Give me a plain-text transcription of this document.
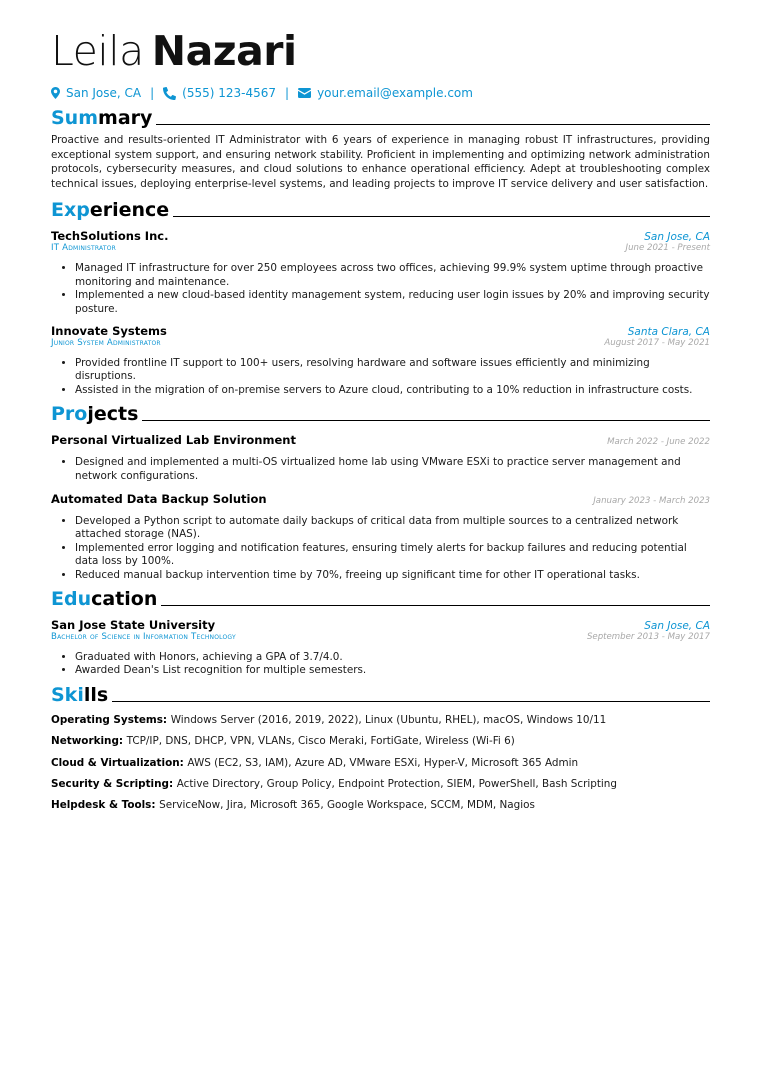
Leila Nazari
San Jose, CA | (555) 123-4567 | your.email@example.com
Summary

Proactive and results-oriented IT Administrator with 6 years of experience in managing robust IT infrastructures, providing exceptional system support, and ensuring network stability. Proficient in implementing and optimizing network administration protocols, cybersecurity measures, and cloud solutions to enhance operational efficiency. Adept at troubleshooting complex technical issues, deploying enterprise-level systems, and leading projects to improve IT service delivery and user satisfaction.

Experience
TechSolutions Inc.	San Jose, CA
IT Administrator	June 2021 - Present
• Managed IT infrastructure for over 250 employees across two offices, achieving 99.9% system uptime through proactive monitoring and maintenance.
• Implemented a new cloud-based identity management system, reducing user login issues by 20% and improving security posture.
Innovate Systems	Santa Clara, CA
Junior System Administrator	August 2017 - May 2021
• Provided frontline IT support to 100+ users, resolving hardware and software issues efficiently and minimizing disruptions.
• Assisted in the migration of on-premise servers to Azure cloud, contributing to a 10% reduction in infrastructure costs.
Projects
Personal Virtualized Lab Environment	March 2022 - June 2022
• Designed and implemented a multi-OS virtualized home lab using VMware ESXi to practice server management and network configurations.
Automated Data Backup Solution	January 2023 - March 2023
• Developed a Python script to automate daily backups of critical data from multiple sources to a centralized network attached storage (NAS).
• Implemented error logging and notification features, ensuring timely alerts for backup failures and reducing potential data loss by 100%.
• Reduced manual backup intervention time by 70%, freeing up significant time for other IT operational tasks.
Education
San Jose State University	San Jose, CA
Bachelor of Science in Information Technology	September 2013 - May 2017
• Graduated with Honors, achieving a GPA of 3.7/4.0.
• Awarded Dean's List recognition for multiple semesters.
Skills
Operating Systems: Windows Server (2016, 2019, 2022), Linux (Ubuntu, RHEL), macOS, Windows 10/11
Networking: TCP/IP, DNS, DHCP, VPN, VLANs, Cisco Meraki, FortiGate, Wireless (Wi-Fi 6)
Cloud & Virtualization: AWS (EC2, S3, IAM), Azure AD, VMware ESXi, Hyper-V, Microsoft 365 Admin
Security & Scripting: Active Directory, Group Policy, Endpoint Protection, SIEM, PowerShell, Bash Scripting
Helpdesk & Tools: ServiceNow, Jira, Microsoft 365, Google Workspace, SCCM, MDM, Nagios
